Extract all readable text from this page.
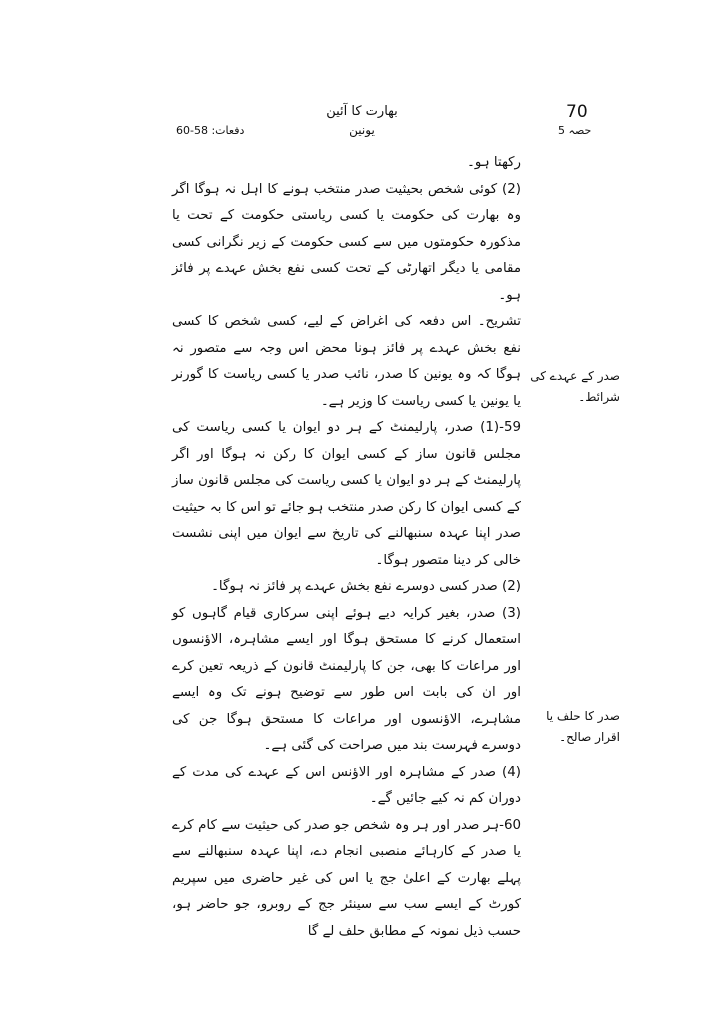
بھارت کا آئین
یونین
70
حصہ 5
دفعات: 58-60

رکھتا ہو۔

(2) کوئی شخص بحیثیت صدر منتخب ہونے کا اہل نہ ہوگا اگر وہ بھارت کی حکومت یا کسی ریاستی حکومت کے تحت یا مذکورہ حکومتوں میں سے کسی حکومت کے زیر نگرانی کسی مقامی یا دیگر اتھارٹی کے تحت کسی نفع بخش عہدے پر فائز ہو۔

تشریح۔ اس دفعہ کی اغراض کے لیے، کسی شخص کا کسی نفع بخش عہدے پر فائز ہونا محض اس وجہ سے متصور نہ ہوگا کہ وہ یونین کا صدر، نائب صدر یا کسی ریاست کا گورنر یا یونین یا کسی ریاست کا وزیر ہے۔

59-(1) صدر، پارلیمنٹ کے ہر دو ایوان یا کسی ریاست کی مجلس قانون ساز کے کسی ایوان کا رکن نہ ہوگا اور اگر پارلیمنٹ کے ہر دو ایوان یا کسی ریاست کی مجلس قانون ساز کے کسی ایوان کا رکن صدر منتخب ہو جائے تو اس کا بہ حیثیت صدر اپنا عہدہ سنبھالنے کی تاریخ سے ایوان میں اپنی نشست خالی کر دینا متصور ہوگا۔

(2) صدر کسی دوسرے نفع بخش عہدے پر فائز نہ ہوگا۔

(3) صدر، بغیر کرایہ دیے ہوئے اپنی سرکاری قیام گاہوں کو استعمال کرنے کا مستحق ہوگا اور ایسے مشاہرہ، الاؤنسوں اور مراعات کا بھی، جن کا پارلیمنٹ قانون کے ذریعہ تعین کرے اور ان کی بابت اس طور سے توضیح ہونے تک وہ ایسے مشاہرے، الاؤنسوں اور مراعات کا مستحق ہوگا جن کی دوسرے فہرست بند میں صراحت کی گئی ہے۔

(4) صدر کے مشاہرہ اور الاؤنس اس کے عہدے کی مدت کے دوران کم نہ کیے جائیں گے۔

60-ہر صدر اور ہر وہ شخص جو صدر کی حیثیت سے کام کرے یا صدر کے کارہائے منصبی انجام دے، اپنا عہدہ سنبھالنے سے پہلے بھارت کے اعلیٰ جج یا اس کی غیر حاضری میں سپریم کورٹ کے ایسے سب سے سینئر جج کے روبرو، جو حاضر ہو، حسب ذیل نمونہ کے مطابق حلف لے گا

صدر کے عہدے کی شرائط۔
صدر کا حلف یا اقرار صالح۔
